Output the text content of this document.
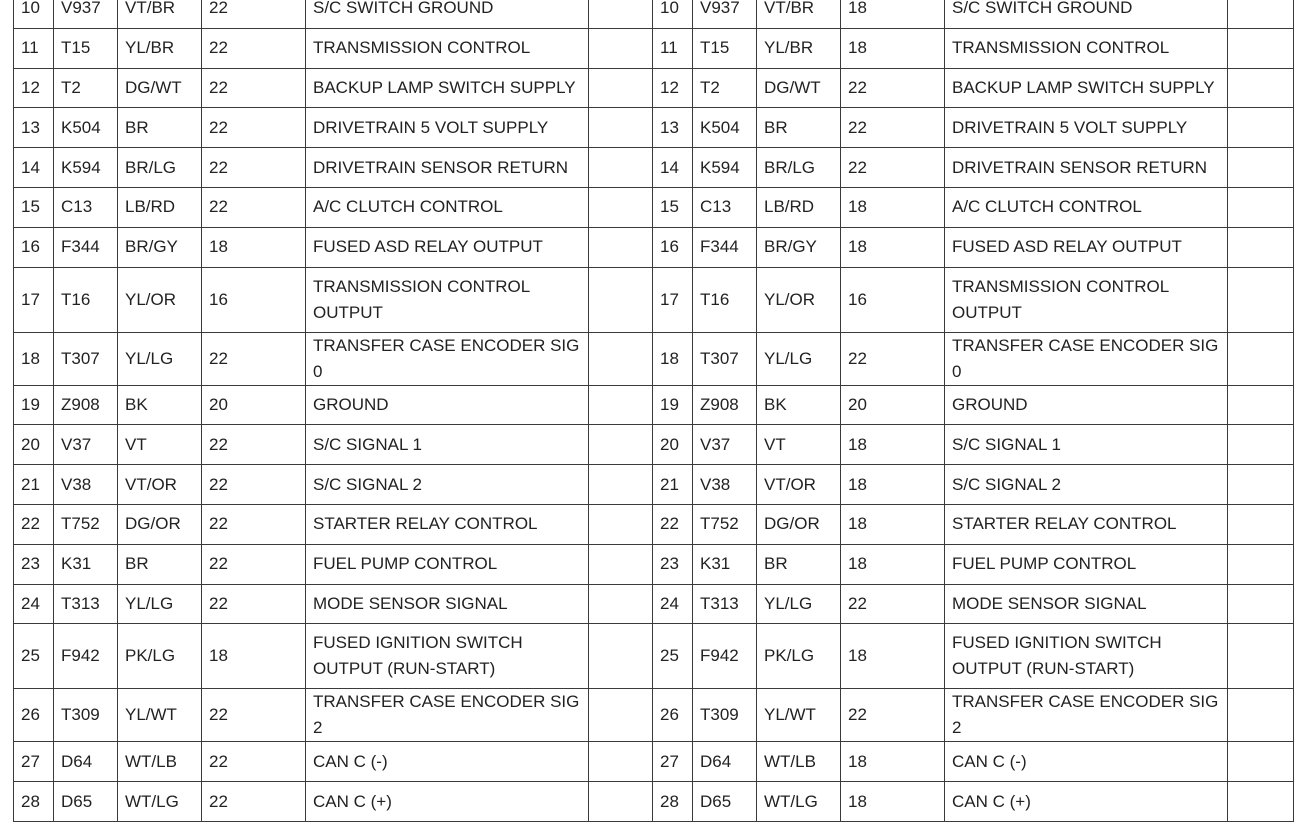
10	V937	VT/BR	22	S/C SWITCH GROUND		10	V937	VT/BR	18	S/C SWITCH GROUND	
11	T15	YL/BR	22	TRANSMISSION CONTROL		11	T15	YL/BR	18	TRANSMISSION CONTROL	
12	T2	DG/WT	22	BACKUP LAMP SWITCH SUPPLY		12	T2	DG/WT	22	BACKUP LAMP SWITCH SUPPLY	
13	K504	BR	22	DRIVETRAIN 5 VOLT SUPPLY		13	K504	BR	22	DRIVETRAIN 5 VOLT SUPPLY	
14	K594	BR/LG	22	DRIVETRAIN SENSOR RETURN		14	K594	BR/LG	22	DRIVETRAIN SENSOR RETURN	
15	C13	LB/RD	22	A/C CLUTCH CONTROL		15	C13	LB/RD	18	A/C CLUTCH CONTROL	
16	F344	BR/GY	18	FUSED ASD RELAY OUTPUT		16	F344	BR/GY	18	FUSED ASD RELAY OUTPUT	
17	T16	YL/OR	16	TRANSMISSION CONTROL OUTPUT		17	T16	YL/OR	16	TRANSMISSION CONTROL OUTPUT	
18	T307	YL/LG	22	TRANSFER CASE ENCODER SIG 0		18	T307	YL/LG	22	TRANSFER CASE ENCODER SIG 0	
19	Z908	BK	20	GROUND		19	Z908	BK	20	GROUND	
20	V37	VT	22	S/C SIGNAL 1		20	V37	VT	18	S/C SIGNAL 1	
21	V38	VT/OR	22	S/C SIGNAL 2		21	V38	VT/OR	18	S/C SIGNAL 2	
22	T752	DG/OR	22	STARTER RELAY CONTROL		22	T752	DG/OR	18	STARTER RELAY CONTROL	
23	K31	BR	22	FUEL PUMP CONTROL		23	K31	BR	18	FUEL PUMP CONTROL	
24	T313	YL/LG	22	MODE SENSOR SIGNAL		24	T313	YL/LG	22	MODE SENSOR SIGNAL	
25	F942	PK/LG	18	FUSED IGNITION SWITCH OUTPUT (RUN-START)		25	F942	PK/LG	18	FUSED IGNITION SWITCH OUTPUT (RUN-START)	
26	T309	YL/WT	22	TRANSFER CASE ENCODER SIG 2		26	T309	YL/WT	22	TRANSFER CASE ENCODER SIG 2	
27	D64	WT/LB	22	CAN C (-)		27	D64	WT/LB	18	CAN C (-)	
28	D65	WT/LG	22	CAN C (+)		28	D65	WT/LG	18	CAN C (+)	
